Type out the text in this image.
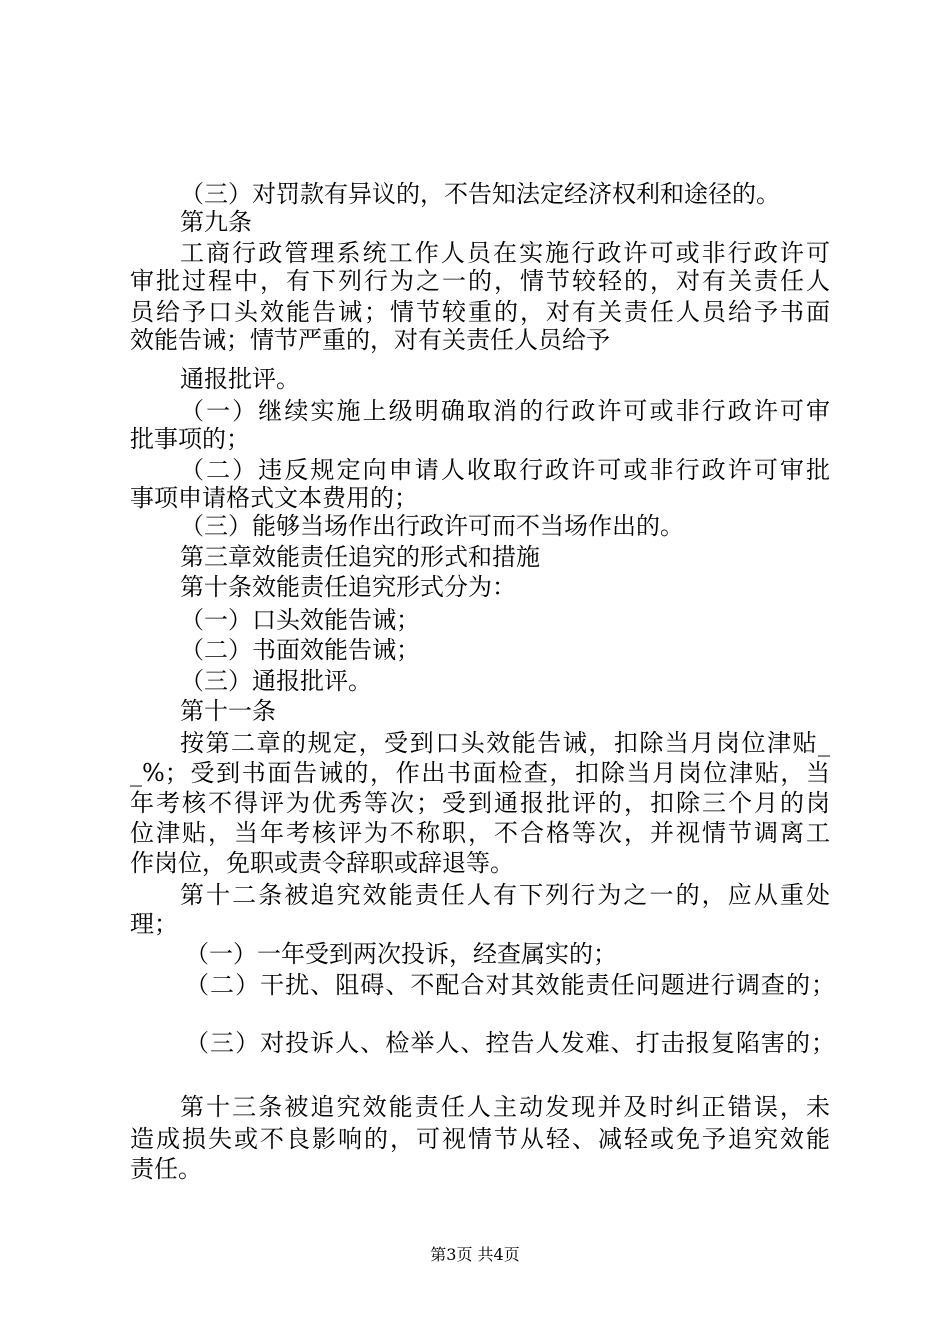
（三）对罚款有异议的，不告知法定经济权利和途径的。
第九条
工商行政管理系统工作人员在实施行政许可或非行政许可
审批过程中，有下列行为之一的，情节较轻的，对有关责任人
员给予口头效能告诫；情节较重的，对有关责任人员给予书面
效能告诫；情节严重的，对有关责任人员给予
通报批评。
（一）继续实施上级明确取消的行政许可或非行政许可审
批事项的；
（二）违反规定向申请人收取行政许可或非行政许可审批
事项申请格式文本费用的；
（三）能够当场作出行政许可而不当场作出的。
第三章效能责任追究的形式和措施
第十条效能责任追究形式分为：
（一）口头效能告诫；
（二）书面效能告诫；
（三）通报批评。
第十一条
按第二章的规定，受到口头效能告诫，扣除当月岗位津贴_
_%；受到书面告诫的，作出书面检查，扣除当月岗位津贴，当
年考核不得评为优秀等次；受到通报批评的，扣除三个月的岗
位津贴，当年考核评为不称职，不合格等次，并视情节调离工
作岗位，免职或责令辞职或辞退等。
第十二条被追究效能责任人有下列行为之一的，应从重处
理；
（一）一年受到两次投诉，经查属实的；
（二）干扰、阻碍、不配合对其效能责任问题进行调查的；
（三）对投诉人、检举人、控告人发难、打击报复陷害的；
第十三条被追究效能责任人主动发现并及时纠正错误，未
造成损失或不良影响的，可视情节从轻、减轻或免予追究效能
责任。
第3页 共4页
